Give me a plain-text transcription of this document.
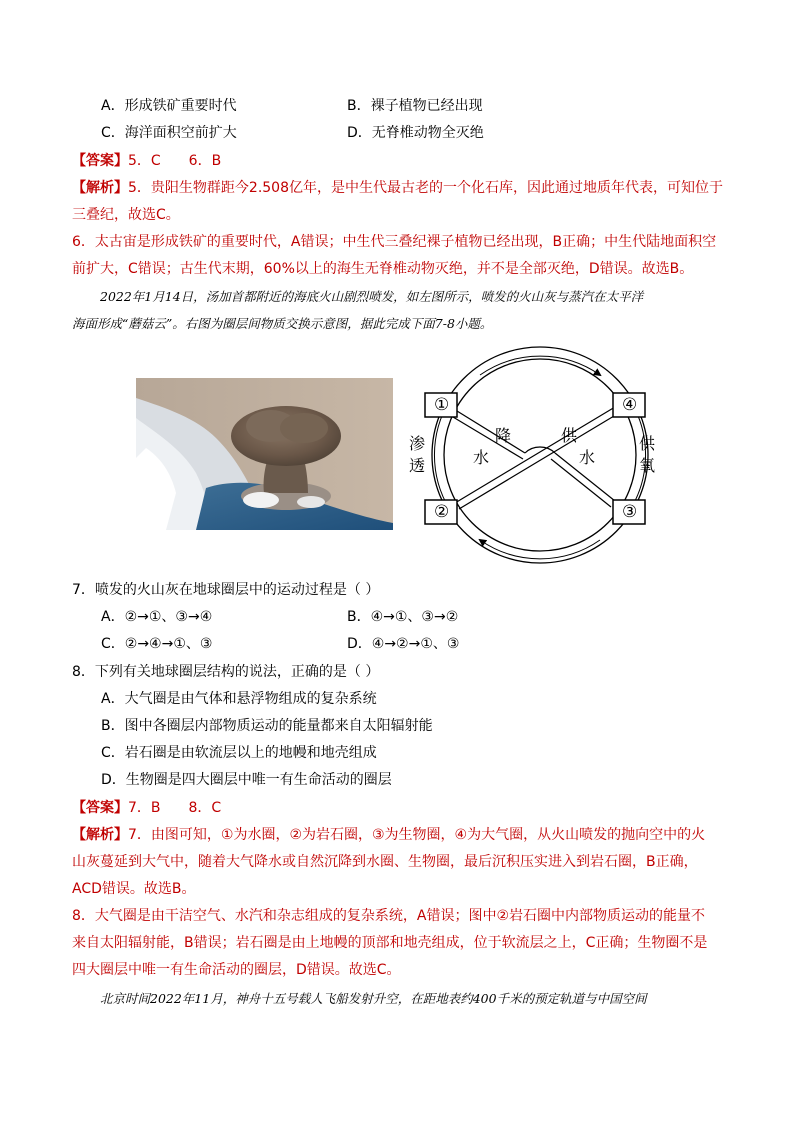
A．形成铁矿重要时代	B．裸子植物已经出现
C．海洋面积空前扩大	D．无脊椎动物全灭绝
【答案】5．C　　6．B
【解析】5．贵阳生物群距今2.508亿年，是中生代最古老的一个化石库，因此通过地质年代表，可知位于
三叠纪，故选C。
6．太古宙是形成铁矿的重要时代，A错误；中生代三叠纪裸子植物已经出现，B正确；中生代陆地面积空
前扩大，C错误；古生代末期，60%以上的海生无脊椎动物灭绝，并不是全部灭绝，D错误。故选B。
2022年1月14日，汤加首都附近的海底火山剧烈喷发，如左图所示，喷发的火山灰与蒸汽在太平洋
海面形成“蘑菇云”。右图为圈层间物质交换示意图，据此完成下面7-8小题。
①	④
②	③
渗
透
供
氧
降
水
供
水
7．喷发的火山灰在地球圈层中的运动过程是（ ）
A．②→①、③→④	B．④→①、③→②
C．②→④→①、③	D．④→②→①、③
8．下列有关地球圈层结构的说法，正确的是（ ）
A．大气圈是由气体和悬浮物组成的复杂系统
B．图中各圈层内部物质运动的能量都来自太阳辐射能
C．岩石圈是由软流层以上的地幔和地壳组成
D．生物圈是四大圈层中唯一有生命活动的圈层
【答案】7．B　　8．C
【解析】7．由图可知，①为水圈，②为岩石圈，③为生物圈，④为大气圈，从火山喷发的抛向空中的火
山灰蔓延到大气中，随着大气降水或自然沉降到水圈、生物圈，最后沉积压实进入到岩石圈，B正确，
ACD错误。故选B。
8．大气圈是由干洁空气、水汽和杂志组成的复杂系统，A错误；图中②岩石圈中内部物质运动的能量不
来自太阳辐射能，B错误；岩石圈是由上地幔的顶部和地壳组成，位于软流层之上，C正确；生物圈不是
四大圈层中唯一有生命活动的圈层，D错误。故选C。
北京时间2022年11月，神舟十五号载人飞船发射升空，在距地表约400千米的预定轨道与中国空间
